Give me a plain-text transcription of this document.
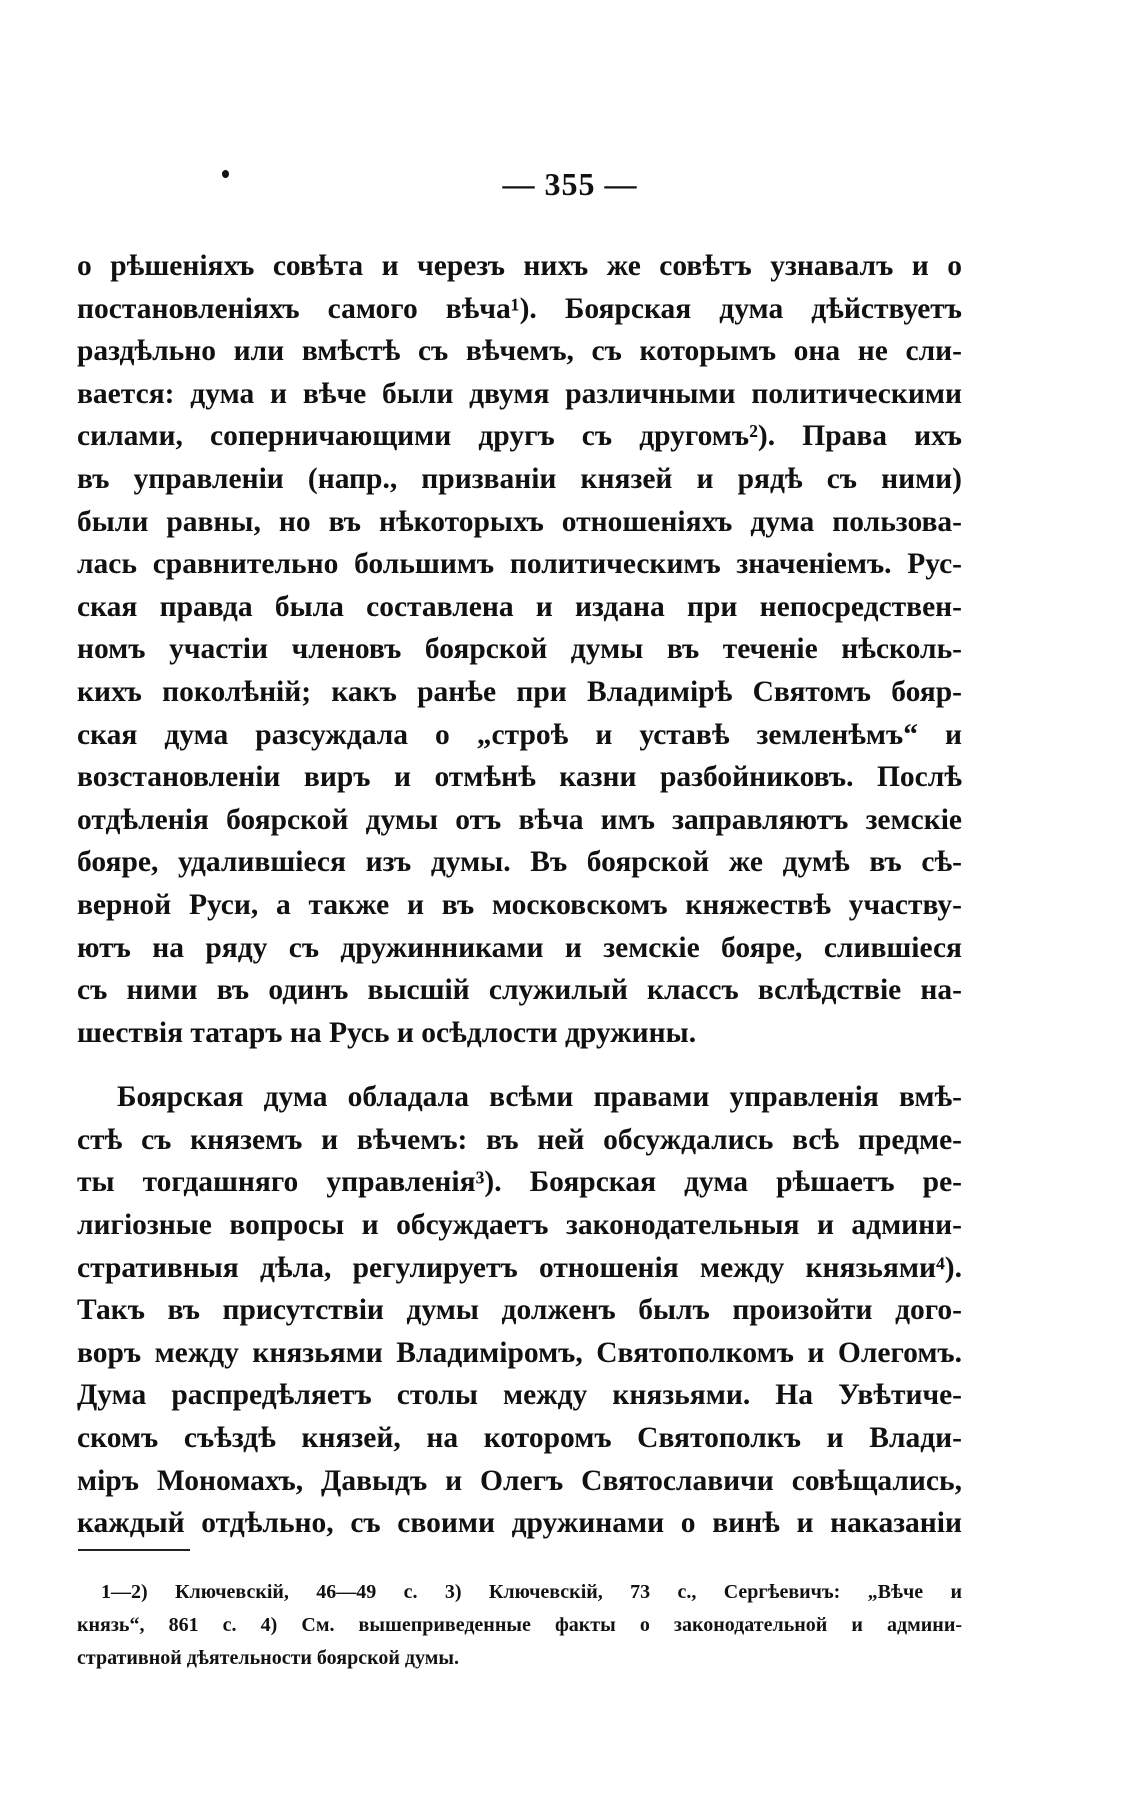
— 355 —
о рѣшеніяхъ совѣта и черезъ нихъ же совѣтъ узнавалъ и о
постановленіяхъ самого вѣча¹). Боярская дума дѣйствуетъ
раздѣльно или вмѣстѣ съ вѣчемъ, съ которымъ она не сли-
вается: дума и вѣче были двумя различными политическими
силами, соперничающими другъ съ другомъ²). Права ихъ
въ управленіи (напр., призваніи князей и рядѣ съ ними)
были равны, но въ нѣкоторыхъ отношеніяхъ дума пользова-
лась сравнительно большимъ политическимъ значеніемъ. Рус-
ская правда была составлена и издана при непосредствен-
номъ участіи членовъ боярской думы въ теченіе нѣсколь-
кихъ поколѣній; какъ ранѣе при Владимірѣ Святомъ бояр-
ская дума разсуждала о „строѣ и уставѣ земленѣмъ“ и
возстановленіи виръ и отмѣнѣ казни разбойниковъ. Послѣ
отдѣленія боярской думы отъ вѣча имъ заправляютъ земскіе
бояре, удалившіеся изъ думы. Въ боярской же думѣ въ сѣ-
верной Руси, а также и въ московскомъ княжествѣ участву-
ютъ на ряду съ дружинниками и земскіе бояре, слившіеся
съ ними въ одинъ высшій служилый классъ вслѣдствіе на-
шествія татаръ на Русь и осѣдлости дружины.
Боярская дума обладала всѣми правами управленія вмѣ-
стѣ съ княземъ и вѣчемъ: въ ней обсуждались всѣ предме-
ты тогдашняго управленія³). Боярская дума рѣшаетъ ре-
лигіозные вопросы и обсуждаетъ законодательныя и админи-
стративныя дѣла, регулируетъ отношенія между князьями⁴).
Такъ въ присутствіи думы долженъ былъ произойти дого-
воръ между князьями Владиміромъ, Святополкомъ и Олегомъ.
Дума распредѣляетъ столы между князьями. На Увѣтиче-
скомъ съѣздѣ князей, на которомъ Святополкъ и Влади-
міръ Мономахъ, Давыдъ и Олегъ Святославичи совѣщались,
каждый отдѣльно, съ своими дружинами о винѣ и наказаніи
1—2) Ключевскій, 46—49 с. 3) Ключевскій, 73 с., Сергѣевичъ: „Вѣче и
князь“, 861 с. 4) См. вышеприведенные факты о законодательной и админи-
стративной дѣятельности боярской думы.
